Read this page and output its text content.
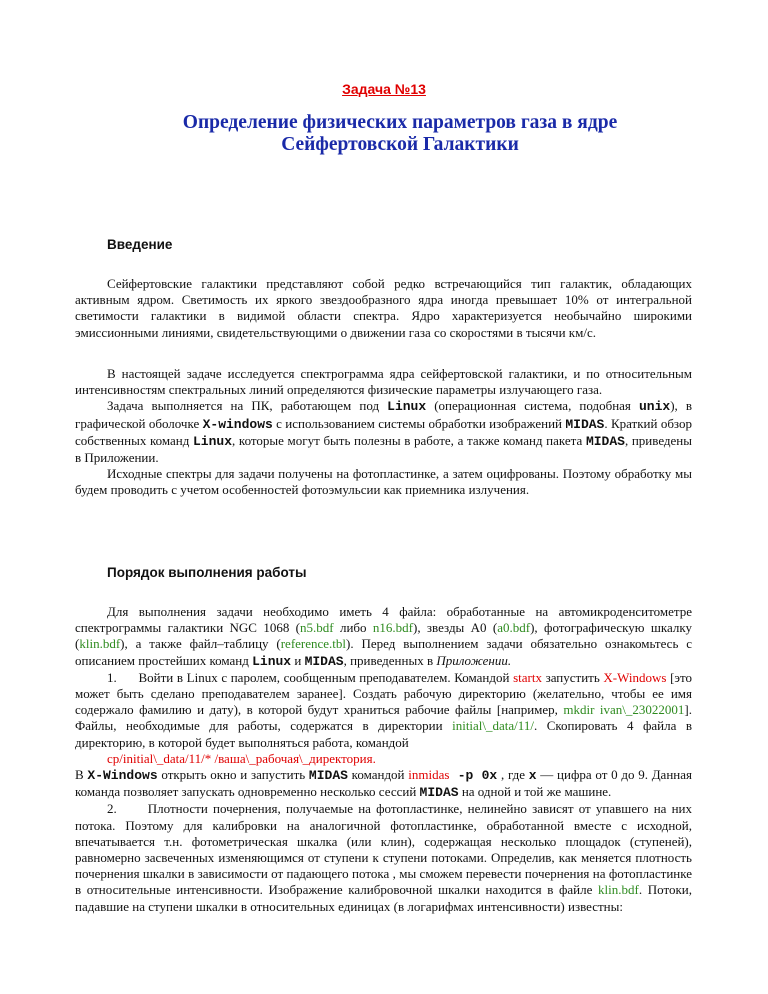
Задача №13
Определение физических параметров газа в ядре
Сейфертовской Галактики
Введение

Сейфертовские галактики представляют собой редко встречающийся тип галактик, обладающих активным ядром. Светимость их яркого звездообразного ядра иногда превышает 10% от интегральной светимости галактики в видимой области спектра. Ядро характеризуется необычайно широкими эмиссионными линиями, свидетельствующими о движении газа со скоростями в тысячи км/с.

В настоящей задаче исследуется спектрограмма ядра сейфертовской галактики, и по относительным интенсивностям спектральных линий определяются физические параметры излучающего газа.

Задача выполняется на ПК, работающем под Linux (операционная система, подобная unix), в графической оболочке X-windows с использованием системы обработки изображений MIDAS. Краткий обзор собственных команд Linux, которые могут быть полезны в работе, а также команд пакета MIDAS, приведены в Приложении.

Исходные спектры для задачи получены на фотопластинке, а затем оцифрованы. Поэтому обработку мы будем проводить с учетом особенностей фотоэмульсии как приемника излучения.

Порядок выполнения работы

Для выполнения задачи необходимо иметь 4 файла: обработанные на автомикроденситометре спектрограммы галактики NGC 1068 (n5.bdf либо n16.bdf), звезды A0 (a0.bdf), фотографическую шкалку (klin.bdf), а также файл–таблицу (reference.tbl). Перед выполнением задачи обязательно ознакомьтесь с описанием простейших команд Linux и MIDAS, приведенных в Приложении.

1. Войти в Linux с паролем, сообщенным преподавателем. Командой startx запустить X-Windows [это может быть сделано преподавателем заранее]. Создать рабочую директорию (желательно, чтобы ее имя содержало фамилию и дату), в которой будут храниться рабочие файлы [например, mkdir ivan\_23022001]. Файлы, необходимые для работы, содержатся в директории initial\_data/11/. Скопировать 4 файла в директорию, в которой будет выполняться работа, командой

cp/initial\_data/11/* /ваша\_рабочая\_директория.

В X-Windows открыть окно и запустить MIDAS командой inmidas -p 0x , где x — цифра от 0 до 9. Данная команда позволяет запускать одновременно несколько сессий MIDAS на одной и той же машине.

2. Плотности почернения, получаемые на фотопластинке, нелинейно зависят от упавшего на них потока. Поэтому для калибровки на аналогичной фотопластинке, обработанной вместе с исходной, впечатывается т.н. фотометрическая шкалка (или клин), содержащая несколько площадок (ступеней), равномерно засвеченных изменяющимся от ступени к ступени потоками. Определив, как меняется плотность почернения шкалки в зависимости от падающего потока , мы сможем перевести почернения на фотопластинке в относительные интенсивности. Изображение калибровочной шкалки находится в файле klin.bdf. Потоки, падавшие на ступени шкалки в относительных единицах (в логарифмах интенсивности) известны:
